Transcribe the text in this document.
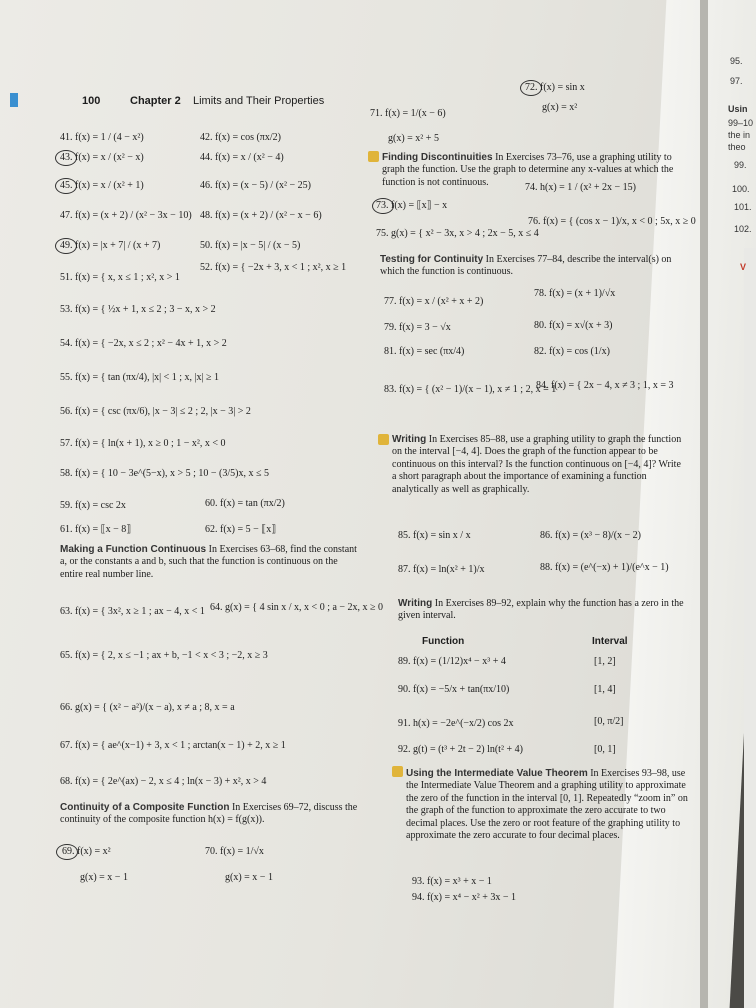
100	Chapter 2 Limits and Their Properties
41. f(x) = 1 / (4 − x²)	42. f(x) = cos (πx/2)
43. f(x) = x / (x² − x)	44. f(x) = x / (x² − 4)
45. f(x) = x / (x² + 1)	46. f(x) = (x − 5) / (x² − 25)
47. f(x) = (x + 2) / (x² − 3x − 10) 48. f(x) = (x + 2) / (x² − x − 6)
49. f(x) = |x + 7| / (x + 7)	50. f(x) = |x − 5| / (x − 5)
51. f(x) = { x, x ≤ 1 ; x², x > 1
52. f(x) = { −2x + 3, x < 1 ; x², x ≥ 1
53. f(x) = { ½x + 1, x ≤ 2 ; 3 − x, x > 2
54. f(x) = { −2x, x ≤ 2 ; x² − 4x + 1, x > 2
55. f(x) = { tan (πx/4), |x| < 1 ; x, |x| ≥ 1
56. f(x) = { csc (πx/6), |x − 3| ≤ 2 ; 2, |x − 3| > 2
57. f(x) = { ln(x + 1), x ≥ 0 ; 1 − x², x < 0
58. f(x) = { 10 − 3e^(5−x), x > 5 ; 10 − (3/5)x, x ≤ 5
59. f(x) = csc 2x	60. f(x) = tan (πx/2)
61. f(x) = ⟦x − 8⟧	62. f(x) = 5 − ⟦x⟧
Making a Function Continuous In Exercises 63–68, find the constant a, or the constants a and b, such that the function is continuous on the entire real number line.
63. f(x) = { 3x², x ≥ 1 ; ax − 4, x < 1 64. g(x) = { 4 sin x / x, x < 0 ; a − 2x, x ≥ 0
65. f(x) = { 2, x ≤ −1 ; ax + b, −1 < x < 3 ; −2, x ≥ 3
66. g(x) = { (x² − a²)/(x − a), x ≠ a ; 8, x = a
67. f(x) = { ae^(x−1) + 3, x < 1 ; arctan(x − 1) + 2, x ≥ 1
68. f(x) = { 2e^(ax) − 2, x ≤ 4 ; ln(x − 3) + x², x > 4
Continuity of a Composite Function In Exercises 69–72, discuss the continuity of the composite function h(x) = f(g(x)).
69. f(x) = x²
g(x) = x − 1
70. f(x) = 1/√x
g(x) = x − 1
71. f(x) = 1/(x − 6)
g(x) = x² + 5
72. f(x) = sin x
g(x) = x²
Finding Discontinuities In Exercises 73–76, use a graphing utility to graph the function. Use the graph to determine any x-values at which the function is not continuous.
73. f(x) = ⟦x⟧ − x
74. h(x) = 1 / (x² + 2x − 15)
75. g(x) = { x² − 3x, x > 4 ; 2x − 5, x ≤ 4
76. f(x) = { (cos x − 1)/x, x < 0 ; 5x, x ≥ 0
Testing for Continuity In Exercises 77–84, describe the interval(s) on which the function is continuous.
77. f(x) = x / (x² + x + 2)
78. f(x) = (x + 1)/√x
79. f(x) = 3 − √x	80. f(x) = x√(x + 3)
81. f(x) = sec (πx/4)	82. f(x) = cos (1/x)
83. f(x) = { (x² − 1)/(x − 1), x ≠ 1 ; 2, x = 1
84. f(x) = { 2x − 4, x ≠ 3 ; 1, x = 3
Writing In Exercises 85–88, use a graphing utility to graph the function on the interval [−4, 4]. Does the graph of the function appear to be continuous on this interval? Is the function continuous on [−4, 4]? Write a short paragraph about the importance of examining a function analytically as well as graphically.
85. f(x) = sin x / x	86. f(x) = (x³ − 8)/(x − 2)
87. f(x) = ln(x² + 1)/x	88. f(x) = (e^(−x) + 1)/(e^x − 1)
Writing In Exercises 89–92, explain why the function has a zero in the given interval.
Function	Interval
89. f(x) = (1/12)x⁴ − x³ + 4	[1, 2]
90. f(x) = −5/x + tan(πx/10)	[1, 4]
91. h(x) = −2e^(−x/2) cos 2x	[0, π/2]
92. g(t) = (t³ + 2t − 2) ln(t² + 4)	[0, 1]
Using the Intermediate Value Theorem In Exercises 93–98, use the Intermediate Value Theorem and a graphing utility to approximate the zero of the function in the interval [0, 1]. Repeatedly “zoom in” on the graph of the function to approximate the zero accurate to two decimal places. Use the zero or root feature of the graphing utility to approximate the zero accurate to four decimal places.
93. f(x) = x³ + x − 1
94. f(x) = x⁴ − x² + 3x − 1
95.
97.
Usin
99–10
the in
theo
99.
100.
101.
102.
V
